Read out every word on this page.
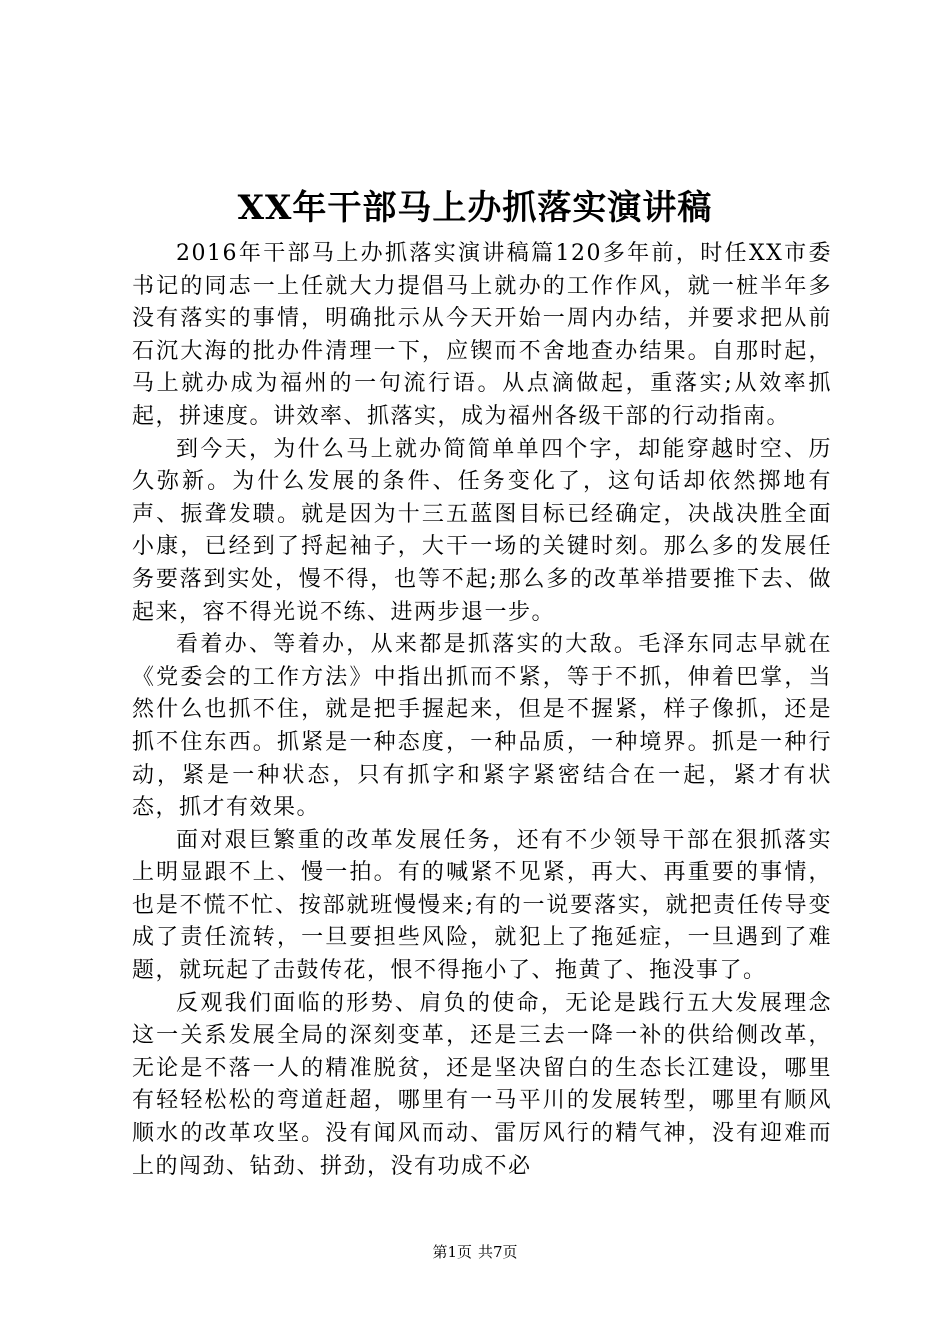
XX年干部马上办抓落实演讲稿

2016年干部马上办抓落实演讲稿篇120多年前，时任XX市委书记的同志一上任就大力提倡马上就办的工作作风，就一桩半年多没有落实的事情，明确批示从今天开始一周内办结，并要求把从前石沉大海的批办件清理一下，应锲而不舍地查办结果。自那时起，马上就办成为福州的一句流行语。从点滴做起，重落实;从效率抓起，拼速度。讲效率、抓落实，成为福州各级干部的行动指南。

到今天，为什么马上就办简简单单四个字，却能穿越时空、历久弥新。为什么发展的条件、任务变化了，这句话却依然掷地有声、振聋发聩。就是因为十三五蓝图目标已经确定，决战决胜全面小康，已经到了捋起袖子，大干一场的关键时刻。那么多的发展任务要落到实处，慢不得，也等不起;那么多的改革举措要推下去、做起来，容不得光说不练、进两步退一步。

看着办、等着办，从来都是抓落实的大敌。毛泽东同志早就在《党委会的工作方法》中指出抓而不紧，等于不抓，伸着巴掌，当然什么也抓不住，就是把手握起来，但是不握紧，样子像抓，还是抓不住东西。抓紧是一种态度，一种品质，一种境界。抓是一种行动，紧是一种状态，只有抓字和紧字紧密结合在一起，紧才有状态，抓才有效果。

面对艰巨繁重的改革发展任务，还有不少领导干部在狠抓落实上明显跟不上、慢一拍。有的喊紧不见紧，再大、再重要的事情，也是不慌不忙、按部就班慢慢来;有的一说要落实，就把责任传导变成了责任流转，一旦要担些风险，就犯上了拖延症，一旦遇到了难题，就玩起了击鼓传花，恨不得拖小了、拖黄了、拖没事了。

反观我们面临的形势、肩负的使命，无论是践行五大发展理念这一关系发展全局的深刻变革，还是三去一降一补的供给侧改革，无论是不落一人的精准脱贫，还是坚决留白的生态长江建设，哪里有轻轻松松的弯道赶超，哪里有一马平川的发展转型，哪里有顺风顺水的改革攻坚。没有闻风而动、雷厉风行的精气神，没有迎难而上的闯劲、钻劲、拼劲，没有功成不必

第1页 共7页
